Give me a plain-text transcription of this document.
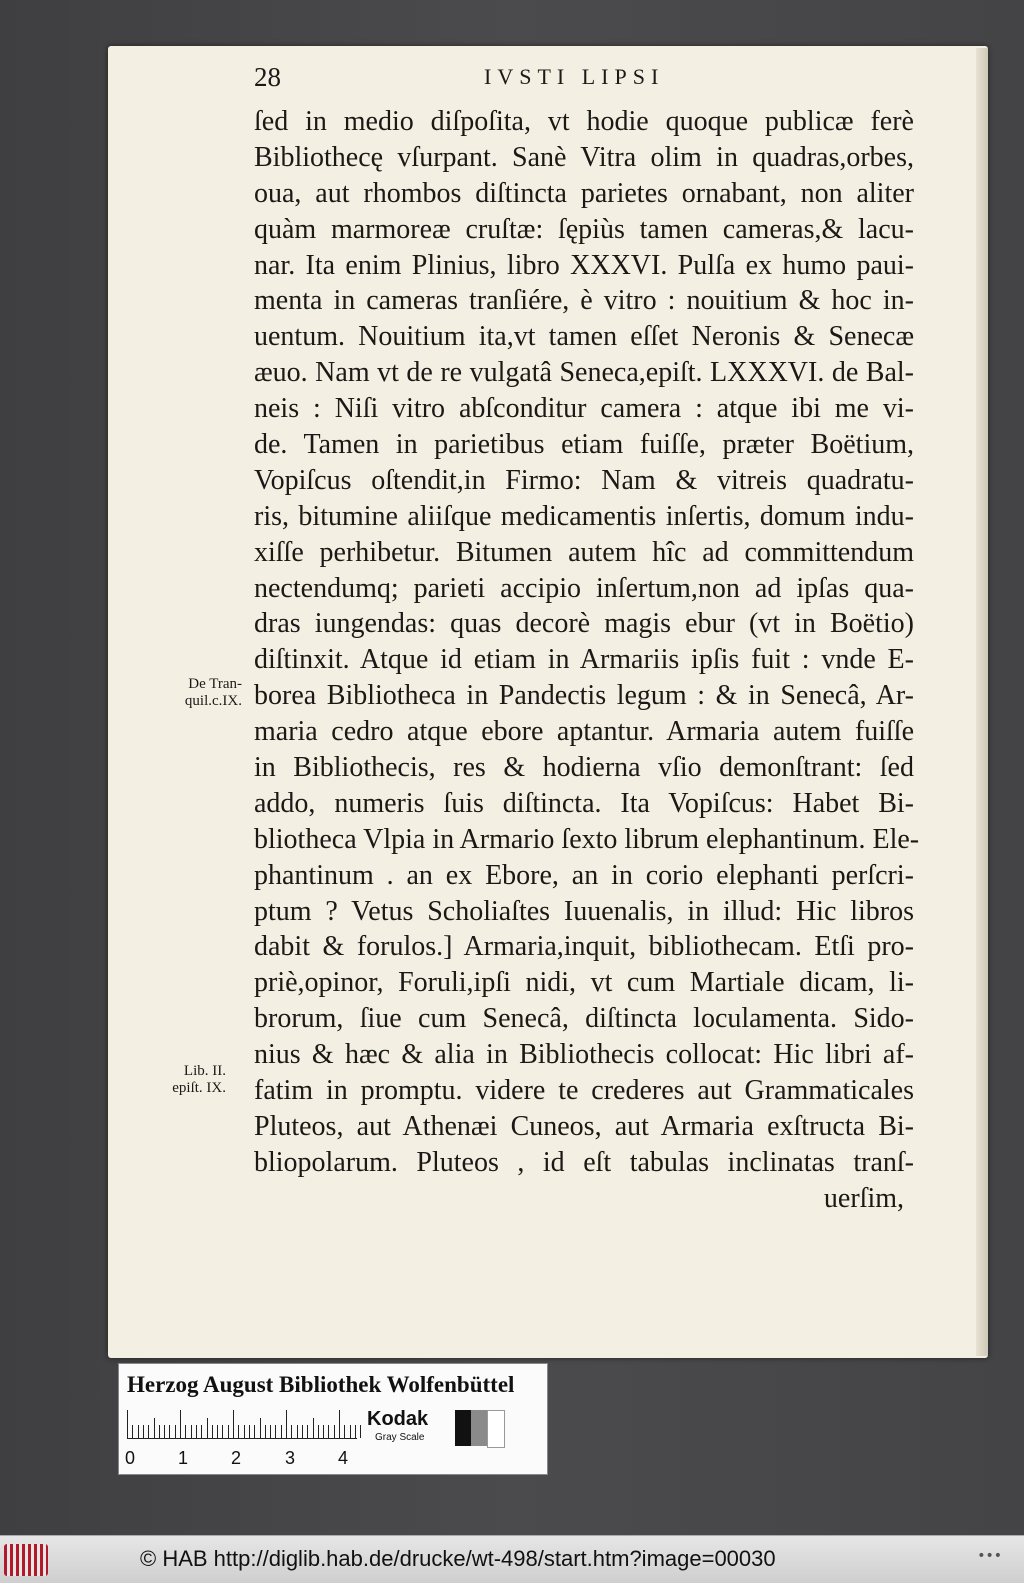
28	IVSTI LIPSI
ſed in medio diſpoſita, vt hodie quoque publicæ ferè
Bibliothecę vſurpant. Sanè Vitra olim in quadras,orbes,
oua, aut rhombos diſtincta parietes ornabant, non aliter
quàm marmoreæ cruſtæ: ſępiùs tamen cameras,& lacu-
nar. Ita enim Plinius, libro XXXVI. Pulſa ex humo paui-
menta in cameras tranſiére, è vitro : nouitium & hoc in-
uentum. Nouitium ita,vt tamen eſſet Neronis & Senecæ
æuo. Nam vt de re vulgatâ Seneca,epiſt. LXXXVI. de Bal-
neis : Niſi vitro abſconditur camera : atque ibi me vi-
de. Tamen in parietibus etiam fuiſſe, præter Boëtium,
Vopiſcus oſtendit,in Firmo: Nam & vitreis quadratu-
ris, bitumine aliiſque medicamentis inſertis, domum indu-
xiſſe perhibetur. Bitumen autem hîc ad committendum
nectendumq; parieti accipio inſertum,non ad ipſas qua-
dras iungendas: quas decorè magis ebur (vt in Boëtio)
diſtinxit. Atque id etiam in Armariis ipſis fuit : vnde E-
borea Bibliotheca in Pandectis legum : & in Senecâ, Ar-
maria cedro atque ebore aptantur. Armaria autem fuiſſe
in Bibliothecis, res & hodierna vſio demonſtrant: ſed
addo, numeris ſuis diſtincta. Ita Vopiſcus: Habet Bi-
bliotheca Vlpia in Armario ſexto librum elephantinum. Ele-
phantinum . an ex Ebore, an in corio elephanti perſcri-
ptum ? Vetus Scholiaſtes Iuuenalis, in illud: Hic libros
dabit & forulos.] Armaria,inquit, bibliothecam. Etſi pro-
priè,opinor, Foruli,ipſi nidi, vt cum Martiale dicam, li-
brorum, ſiue cum Senecâ, diſtincta loculamenta. Sido-
nius & hæc & alia in Bibliothecis collocat: Hic libri af-
fatim in promptu. videre te crederes aut Grammaticales
Pluteos, aut Athenæi Cuneos, aut Armaria exſtructa Bi-
bliopolarum. Pluteos , id eſt tabulas inclinatas tranſ-
uerſim,
De Tran-
quil.c.IX.
Lib. II.
epiſt. IX.
Herzog August Bibliothek Wolfenbüttel
0 1 2 3 4
Kodak
Gray Scale
© HAB http://diglib.hab.de/drucke/wt-498/start.htm?image=00030	•••
